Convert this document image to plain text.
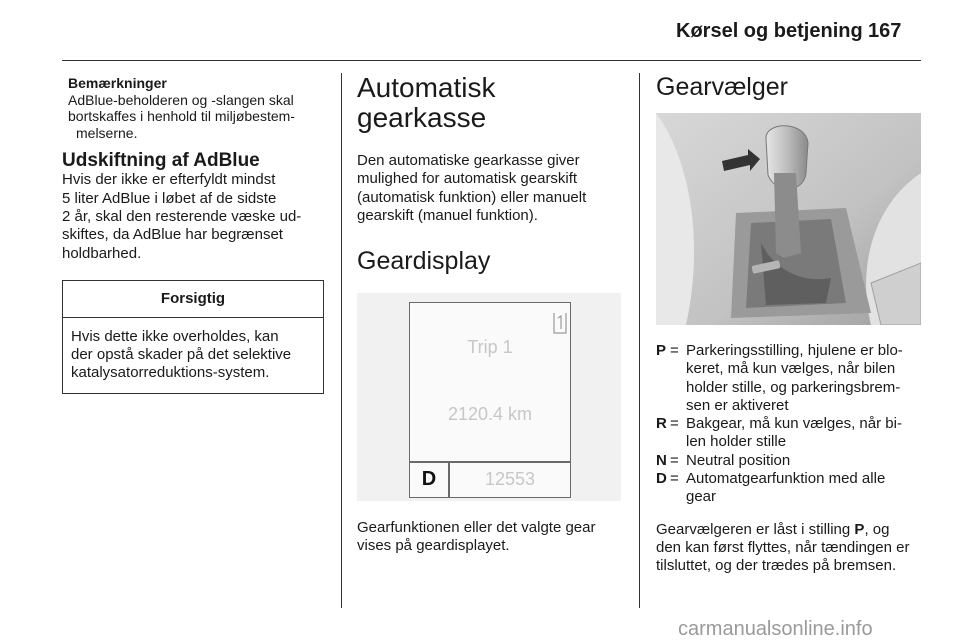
Kørsel og betjening 167
Bemærkninger
AdBlue-beholderen og -slangen skal
bortskaffes i henhold til miljøbestem-
melserne.
Udskiftning af AdBlue
Hvis der ikke er efterfyldt mindst
5 liter AdBlue i løbet af de sidste
2 år, skal den resterende væske ud-
skiftes, da AdBlue har begrænset
holdbarhed.
Forsigtig
Hvis dette ikke overholdes, kan
der opstå skader på det selektive
katalysatorreduktions-system.
Automatisk gearkasse
Den automatiske gearkasse giver
mulighed for automatisk gearskift
(automatisk funktion) eller manuelt
gearskift (manuel funktion).
Geardisplay
Trip 1
2120.4 km
D	12553
Gearfunktionen eller det valgte gear
vises på geardisplayet.
Gearvælger
P = Parkeringsstilling, hjulene er blo-
keret, må kun vælges, når bilen
holder stille, og parkeringsbrem-
sen er aktiveret
R = Bakgear, må kun vælges, når bi-
len holder stille
N = Neutral position
D = Automatgearfunktion med alle
gear
Gearvælgeren er låst i stilling P, og
den kan først flyttes, når tændingen er
tilsluttet, og der trædes på bremsen.
carmanualsonline.info
